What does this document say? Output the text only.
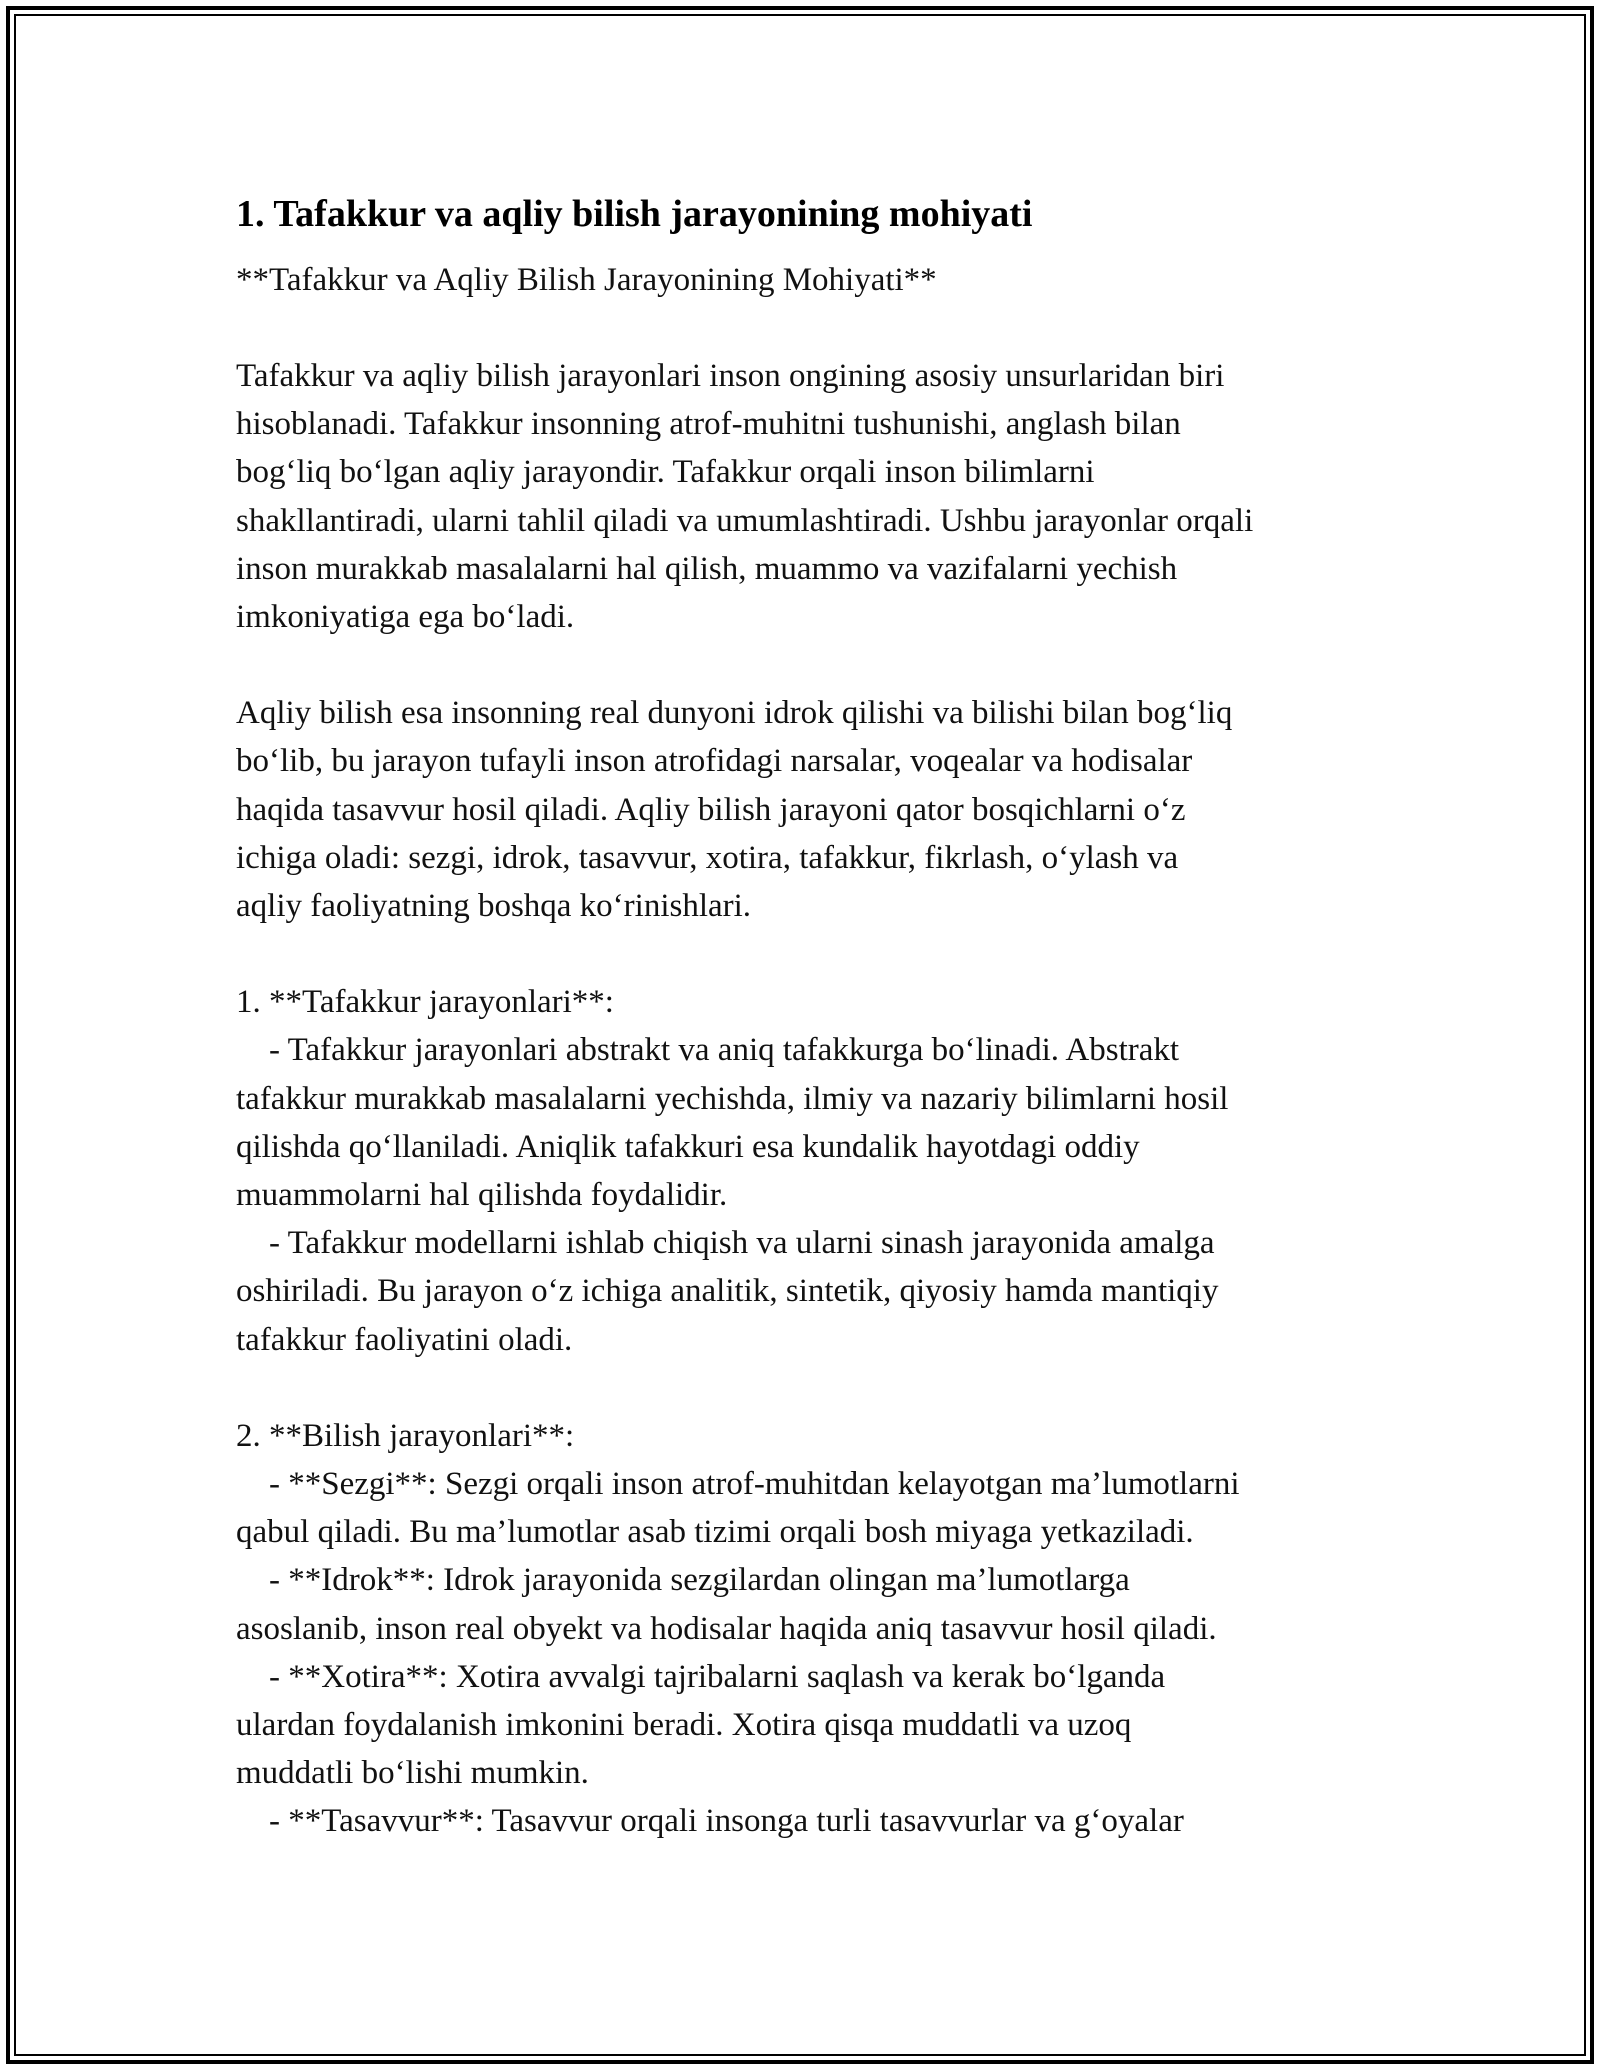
1. Tafakkur va aqliy bilish jarayonining mohiyati

**Tafakkur va Aqliy Bilish Jarayonining Mohiyati**

Tafakkur va aqliy bilish jarayonlari inson ongining asosiy unsurlaridan biri
hisoblanadi. Tafakkur insonning atrof-muhitni tushunishi, anglash bilan
bog‘liq bo‘lgan aqliy jarayondir. Tafakkur orqali inson bilimlarni
shakllantiradi, ularni tahlil qiladi va umumlashtiradi. Ushbu jarayonlar orqali
inson murakkab masalalarni hal qilish, muammo va vazifalarni yechish
imkoniyatiga ega bo‘ladi.

Aqliy bilish esa insonning real dunyoni idrok qilishi va bilishi bilan bog‘liq
bo‘lib, bu jarayon tufayli inson atrofidagi narsalar, voqealar va hodisalar
haqida tasavvur hosil qiladi. Aqliy bilish jarayoni qator bosqichlarni o‘z
ichiga oladi: sezgi, idrok, tasavvur, xotira, tafakkur, fikrlash, o‘ylash va
aqliy faoliyatning boshqa ko‘rinishlari.

1. **Tafakkur jarayonlari**:
- Tafakkur jarayonlari abstrakt va aniq tafakkurga bo‘linadi. Abstrakt
tafakkur murakkab masalalarni yechishda, ilmiy va nazariy bilimlarni hosil
qilishda qo‘llaniladi. Aniqlik tafakkuri esa kundalik hayotdagi oddiy
muammolarni hal qilishda foydalidir.
- Tafakkur modellarni ishlab chiqish va ularni sinash jarayonida amalga
oshiriladi. Bu jarayon o‘z ichiga analitik, sintetik, qiyosiy hamda mantiqiy
tafakkur faoliyatini oladi.

2. **Bilish jarayonlari**:
- **Sezgi**: Sezgi orqali inson atrof-muhitdan kelayotgan ma’lumotlarni
qabul qiladi. Bu ma’lumotlar asab tizimi orqali bosh miyaga yetkaziladi.
- **Idrok**: Idrok jarayonida sezgilardan olingan ma’lumotlarga
asoslanib, inson real obyekt va hodisalar haqida aniq tasavvur hosil qiladi.
- **Xotira**: Xotira avvalgi tajribalarni saqlash va kerak bo‘lganda
ulardan foydalanish imkonini beradi. Xotira qisqa muddatli va uzoq
muddatli bo‘lishi mumkin.
- **Tasavvur**: Tasavvur orqali insonga turli tasavvurlar va g‘oyalar
